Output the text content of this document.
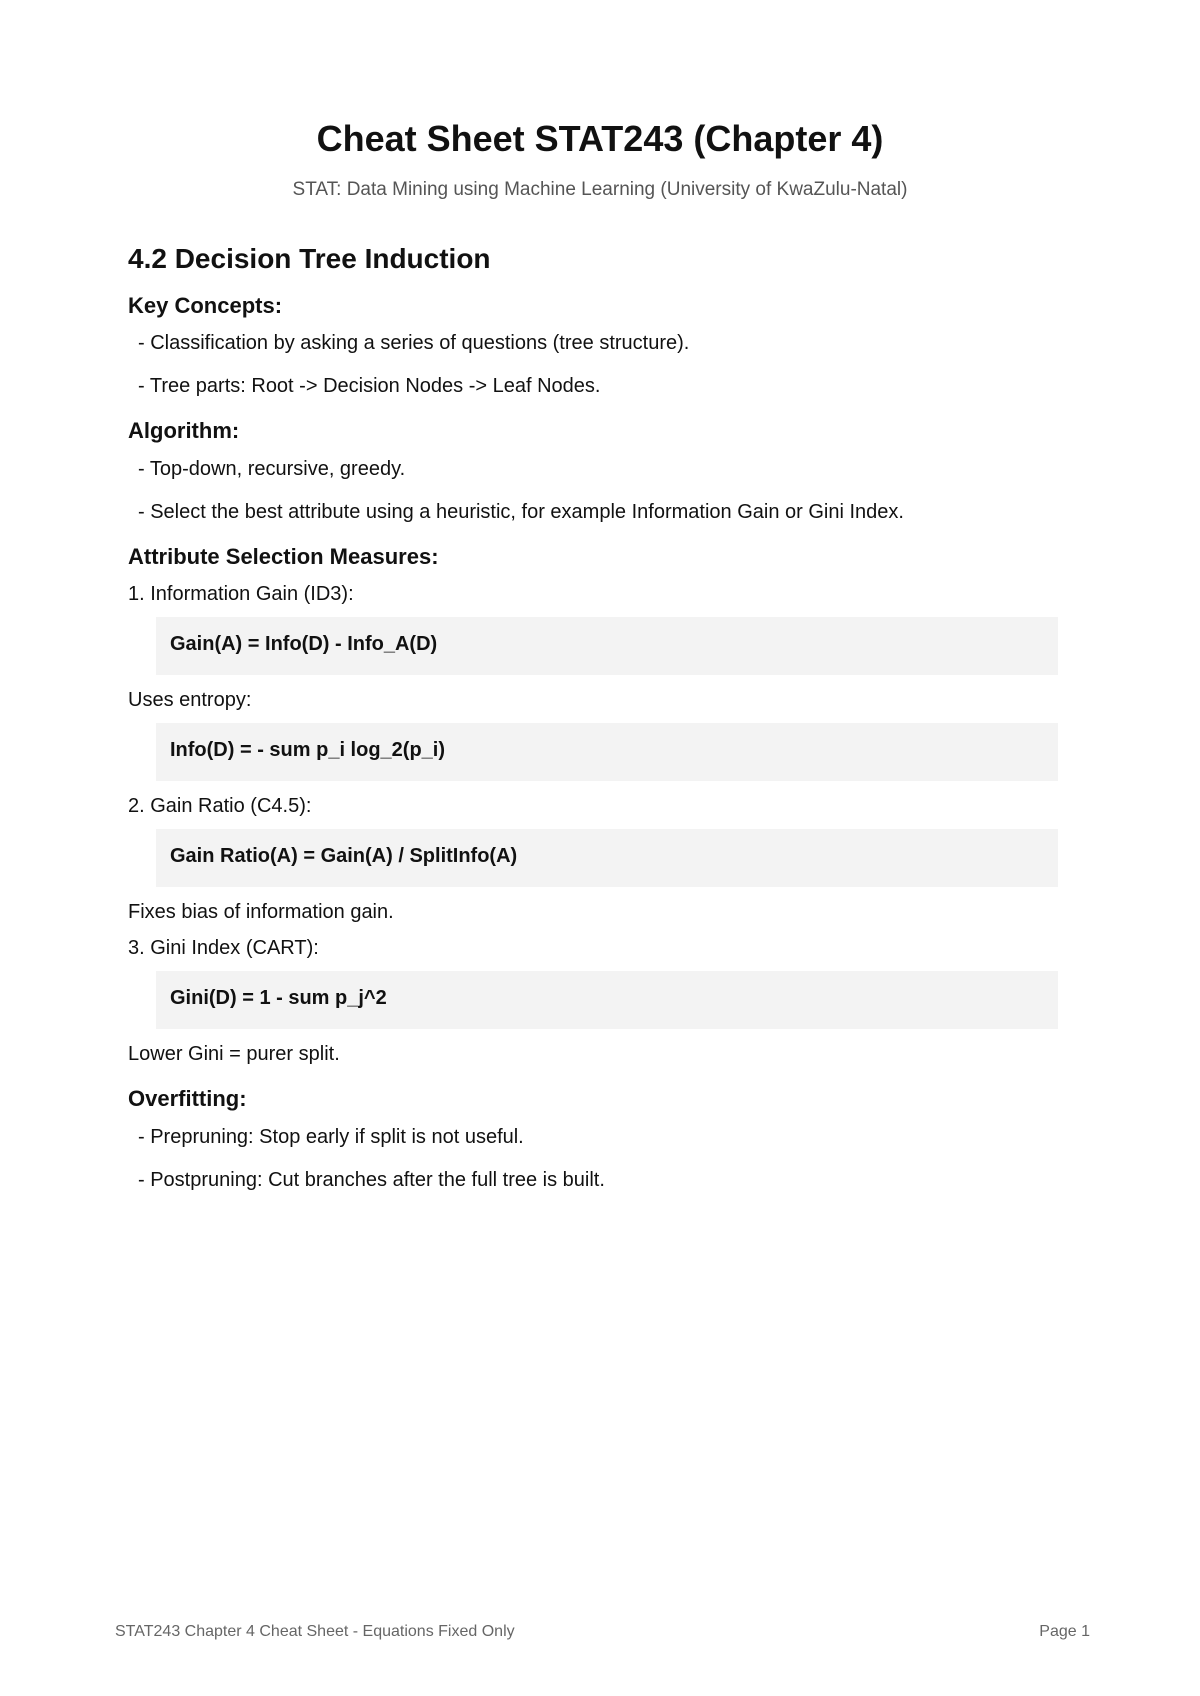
Cheat Sheet STAT243 (Chapter 4)

STAT: Data Mining using Machine Learning (University of KwaZulu-Natal)

4.2 Decision Tree Induction
Key Concepts:

- Classification by asking a series of questions (tree structure).

- Tree parts: Root -> Decision Nodes -> Leaf Nodes.

Algorithm:

- Top-down, recursive, greedy.

- Select the best attribute using a heuristic, for example Information Gain or Gini Index.

Attribute Selection Measures:

1. Information Gain (ID3):

Gain(A) = Info(D) - Info_A(D)

Uses entropy:

Info(D) = - sum p_i log_2(p_i)

2. Gain Ratio (C4.5):

Gain Ratio(A) = Gain(A) / SplitInfo(A)

Fixes bias of information gain.

3. Gini Index (CART):

Gini(D) = 1 - sum p_j^2

Lower Gini = purer split.

Overfitting:

- Prepruning: Stop early if split is not useful.

- Postpruning: Cut branches after the full tree is built.

STAT243 Chapter 4 Cheat Sheet - Equations Fixed Only	Page 1
